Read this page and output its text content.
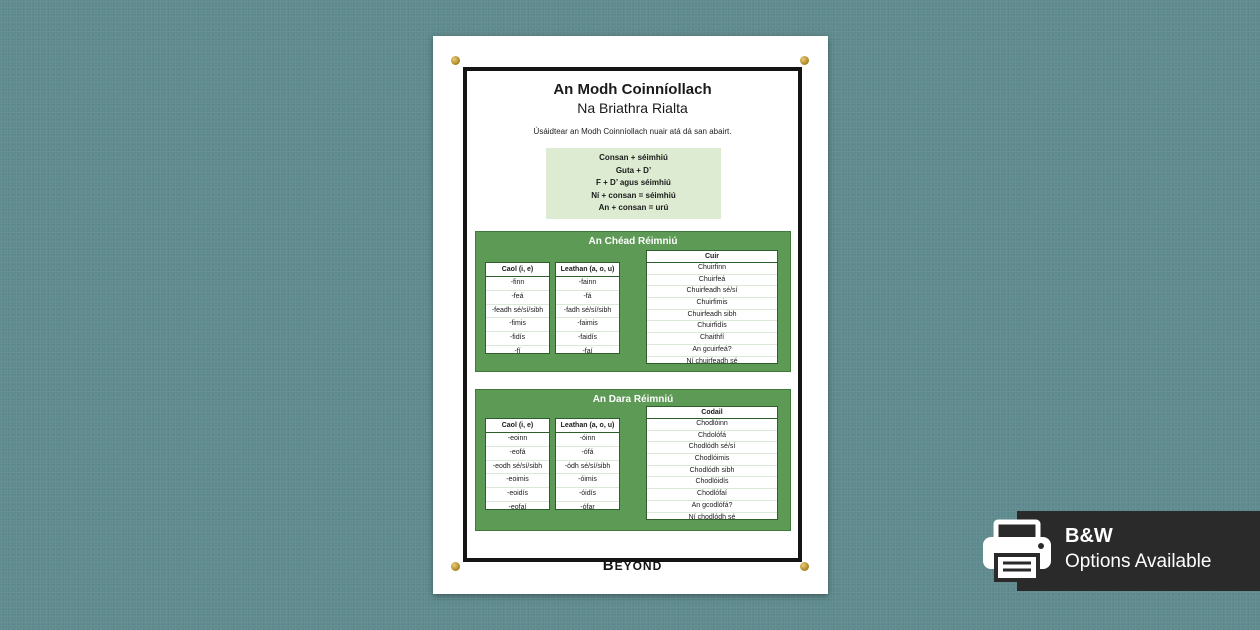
An Modh Coinníollach
Na Briathra Rialta
Úsáidtear an Modh Coinníollach nuair atá dá san abairt.
Consan + séimhiú
Guta + D’
F + D’ agus séimhiú
Ní + consan = séimhiú
An + consan = urú
An Chéad Réimniú
Caol (i, e)
-finn
-feá
-feadh sé/sí/sibh
-fimis
-fidís
-fí
Leathan (a, o, u)
-fainn
-fá
-fadh sé/sí/sibh
-faimis
-faidís
-faí
Cuir
Chuirfinn
Chuirfeá
Chuirfeadh sé/sí
Chuirfimis
Chuirfeadh sibh
Chuirfidís
Chaithfí
An gcuirfeá?
Ní chuirfeadh sé
An Dara Réimniú
Caol (i, e)
-eoinn
-eofá
-eodh sé/sí/sibh
-eoimis
-eoidís
-eofaí
Leathan (a, o, u)
-óinn
-ófá
-ódh sé/sí/sibh
-óimis
-óidís
-ófar
Codail
Chodlóinn
Chdolófá
Chodlódh sé/sí
Chodlóimis
Chodlódh sibh
Chodlóidís
Chodlófaí
An gcodlófá?
Ní chodlódh sé
BEYOND
B&W
Options Available
